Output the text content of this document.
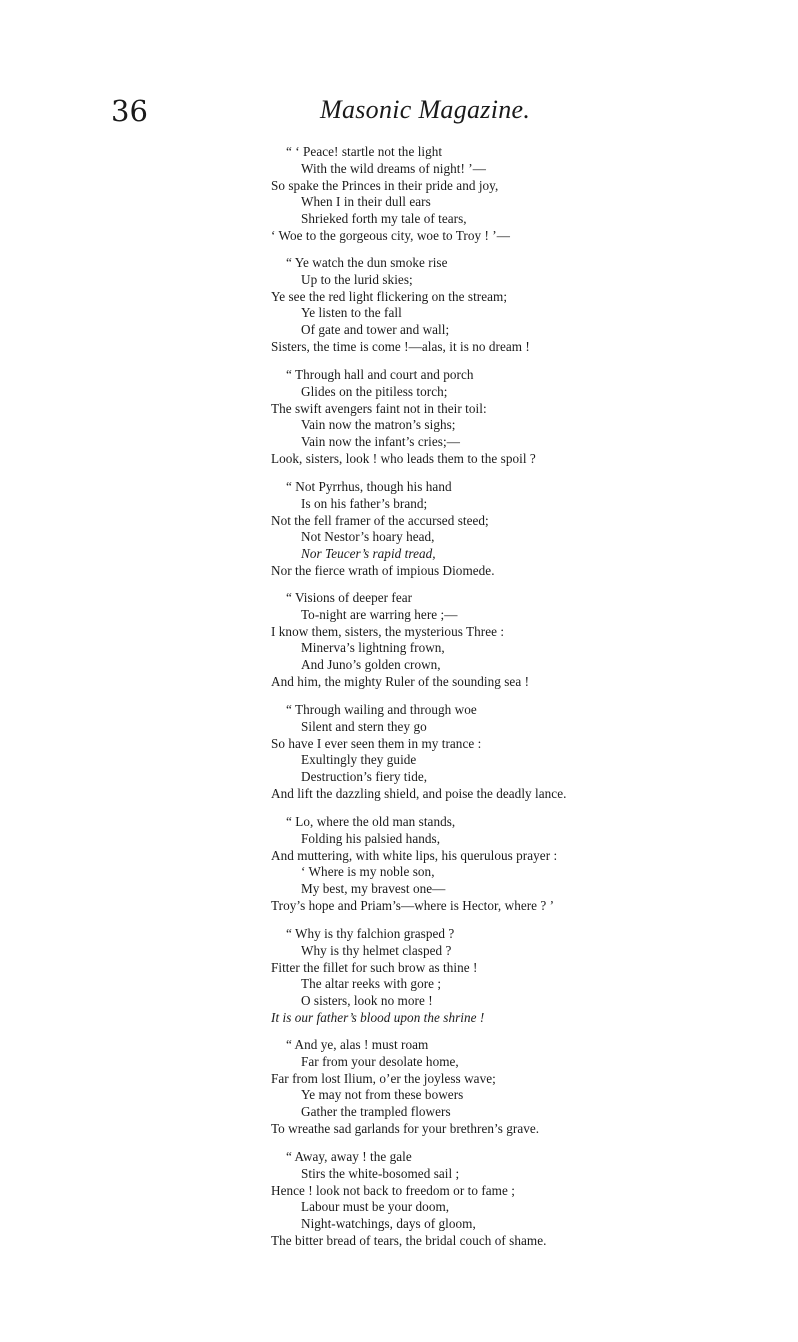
36	Masonic Magazine.
“ ‘ Peace! startle not the light
With the wild dreams of night! ’—
So spake the Princes in their pride and joy,
When I in their dull ears
Shrieked forth my tale of tears,
‘ Woe to the gorgeous city, woe to Troy ! ’—
“ Ye watch the dun smoke rise
Up to the lurid skies;
Ye see the red light flickering on the stream;
Ye listen to the fall
Of gate and tower and wall;
Sisters, the time is come !—alas, it is no dream !
“ Through hall and court and porch
Glides on the pitiless torch;
The swift avengers faint not in their toil:
Vain now the matron’s sighs;
Vain now the infant’s cries;—
Look, sisters, look ! who leads them to the spoil ?
“ Not Pyrrhus, though his hand
Is on his father’s brand;
Not the fell framer of the accursed steed;
Not Nestor’s hoary head,
Nor Teucer’s rapid tread,
Nor the fierce wrath of impious Diomede.
“ Visions of deeper fear
To-night are warring here ;—
I know them, sisters, the mysterious Three :
Minerva’s lightning frown,
And Juno’s golden crown,
And him, the mighty Ruler of the sounding sea !
“ Through wailing and through woe
Silent and stern they go
So have I ever seen them in my trance :
Exultingly they guide
Destruction’s fiery tide,
And lift the dazzling shield, and poise the deadly lance.
“ Lo, where the old man stands,
Folding his palsied hands,
And muttering, with white lips, his querulous prayer :
‘ Where is my noble son,
My best, my bravest one—
Troy’s hope and Priam’s—where is Hector, where ? ’
“ Why is thy falchion grasped ?
Why is thy helmet clasped ?
Fitter the fillet for such brow as thine !
The altar reeks with gore ;
O sisters, look no more !
It is our father’s blood upon the shrine !
“ And ye, alas ! must roam
Far from your desolate home,
Far from lost Ilium, o’er the joyless wave;
Ye may not from these bowers
Gather the trampled flowers
To wreathe sad garlands for your brethren’s grave.
“ Away, away ! the gale
Stirs the white-bosomed sail ;
Hence ! look not back to freedom or to fame ;
Labour must be your doom,
Night-watchings, days of gloom,
The bitter bread of tears, the bridal couch of shame.
